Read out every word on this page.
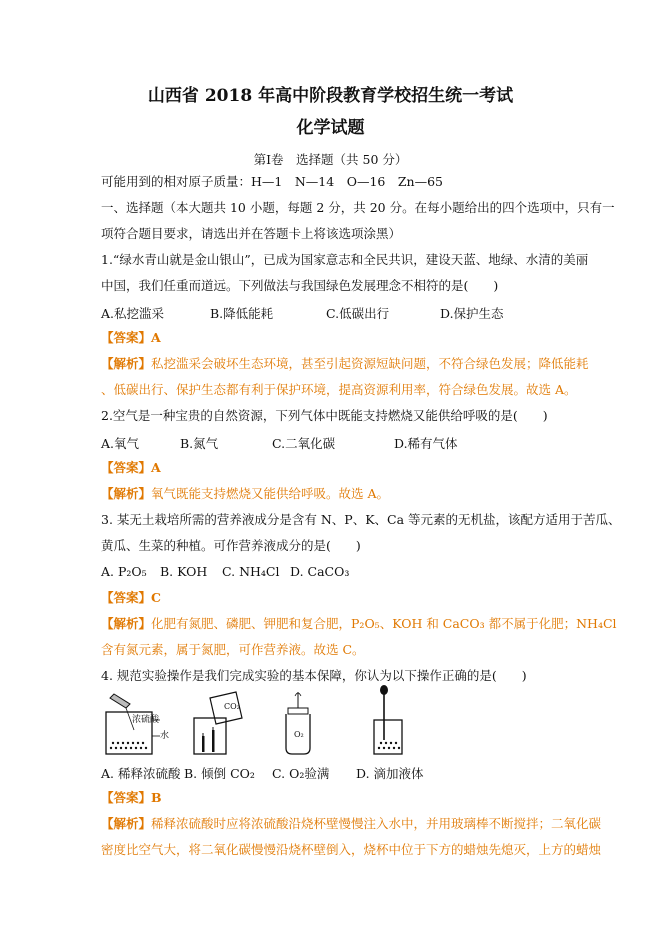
山西省 2018 年高中阶段教育学校招生统一考试
化学试题
第Ⅰ卷　选择题（共 50 分）
可能用到的相对原子质量：H—1　N—14　O—16　Zn—65
一、选择题（本大题共 10 小题，每题 2 分，共 20 分。在每小题给出的四个选项中，只有一
项符合题目要求，请选出并在答题卡上将该选项涂黑）
1.“绿水青山就是金山银山”，已成为国家意志和全民共识，建设天蓝、地绿、水清的美丽
中国，我们任重而道远。下列做法与我国绿色发展理念不相符的是(　　)
A.私挖滥采	B.降低能耗	C.低碳出行	D.保护生态
【答案】A
【解析】私挖滥采会破坏生态环境，甚至引起资源短缺问题，不符合绿色发展；降低能耗
、低碳出行、保护生态都有利于保护环境，提高资源利用率，符合绿色发展。故选 A。
2.空气是一种宝贵的自然资源，下列气体中既能支持燃烧又能供给呼吸的是(　　)
A.氧气	B.氮气	C.二氧化碳	D.稀有气体
【答案】A
【解析】氧气既能支持燃烧又能供给呼吸。故选 A。
3. 某无土栽培所需的营养液成分是含有 N、P、K、Ca 等元素的无机盐，该配方适用于苦瓜、
黄瓜、生菜的种植。可作营养液成分的是(　　)
A. P₂O₅ B. KOH C. NH₄Cl D. CaCO₃
【答案】C
【解析】化肥有氮肥、磷肥、钾肥和复合肥，P₂O₅、KOH 和 CaCO₃ 都不属于化肥；NH₄Cl
含有氮元素，属于氮肥，可作营养液。故选 C。
4. 规范实验操作是我们完成实验的基本保障，你认为以下操作正确的是(　　)
浓硫酸
水
CO₂
O₂
A. 稀释浓硫酸 B. 倾倒 CO₂ C. O₂验满 D. 滴加液体
【答案】B
【解析】稀释浓硫酸时应将浓硫酸沿烧杯壁慢慢注入水中，并用玻璃棒不断搅拌；二氧化碳
密度比空气大，将二氧化碳慢慢沿烧杯壁倒入，烧杯中位于下方的蜡烛先熄灭，上方的蜡烛
